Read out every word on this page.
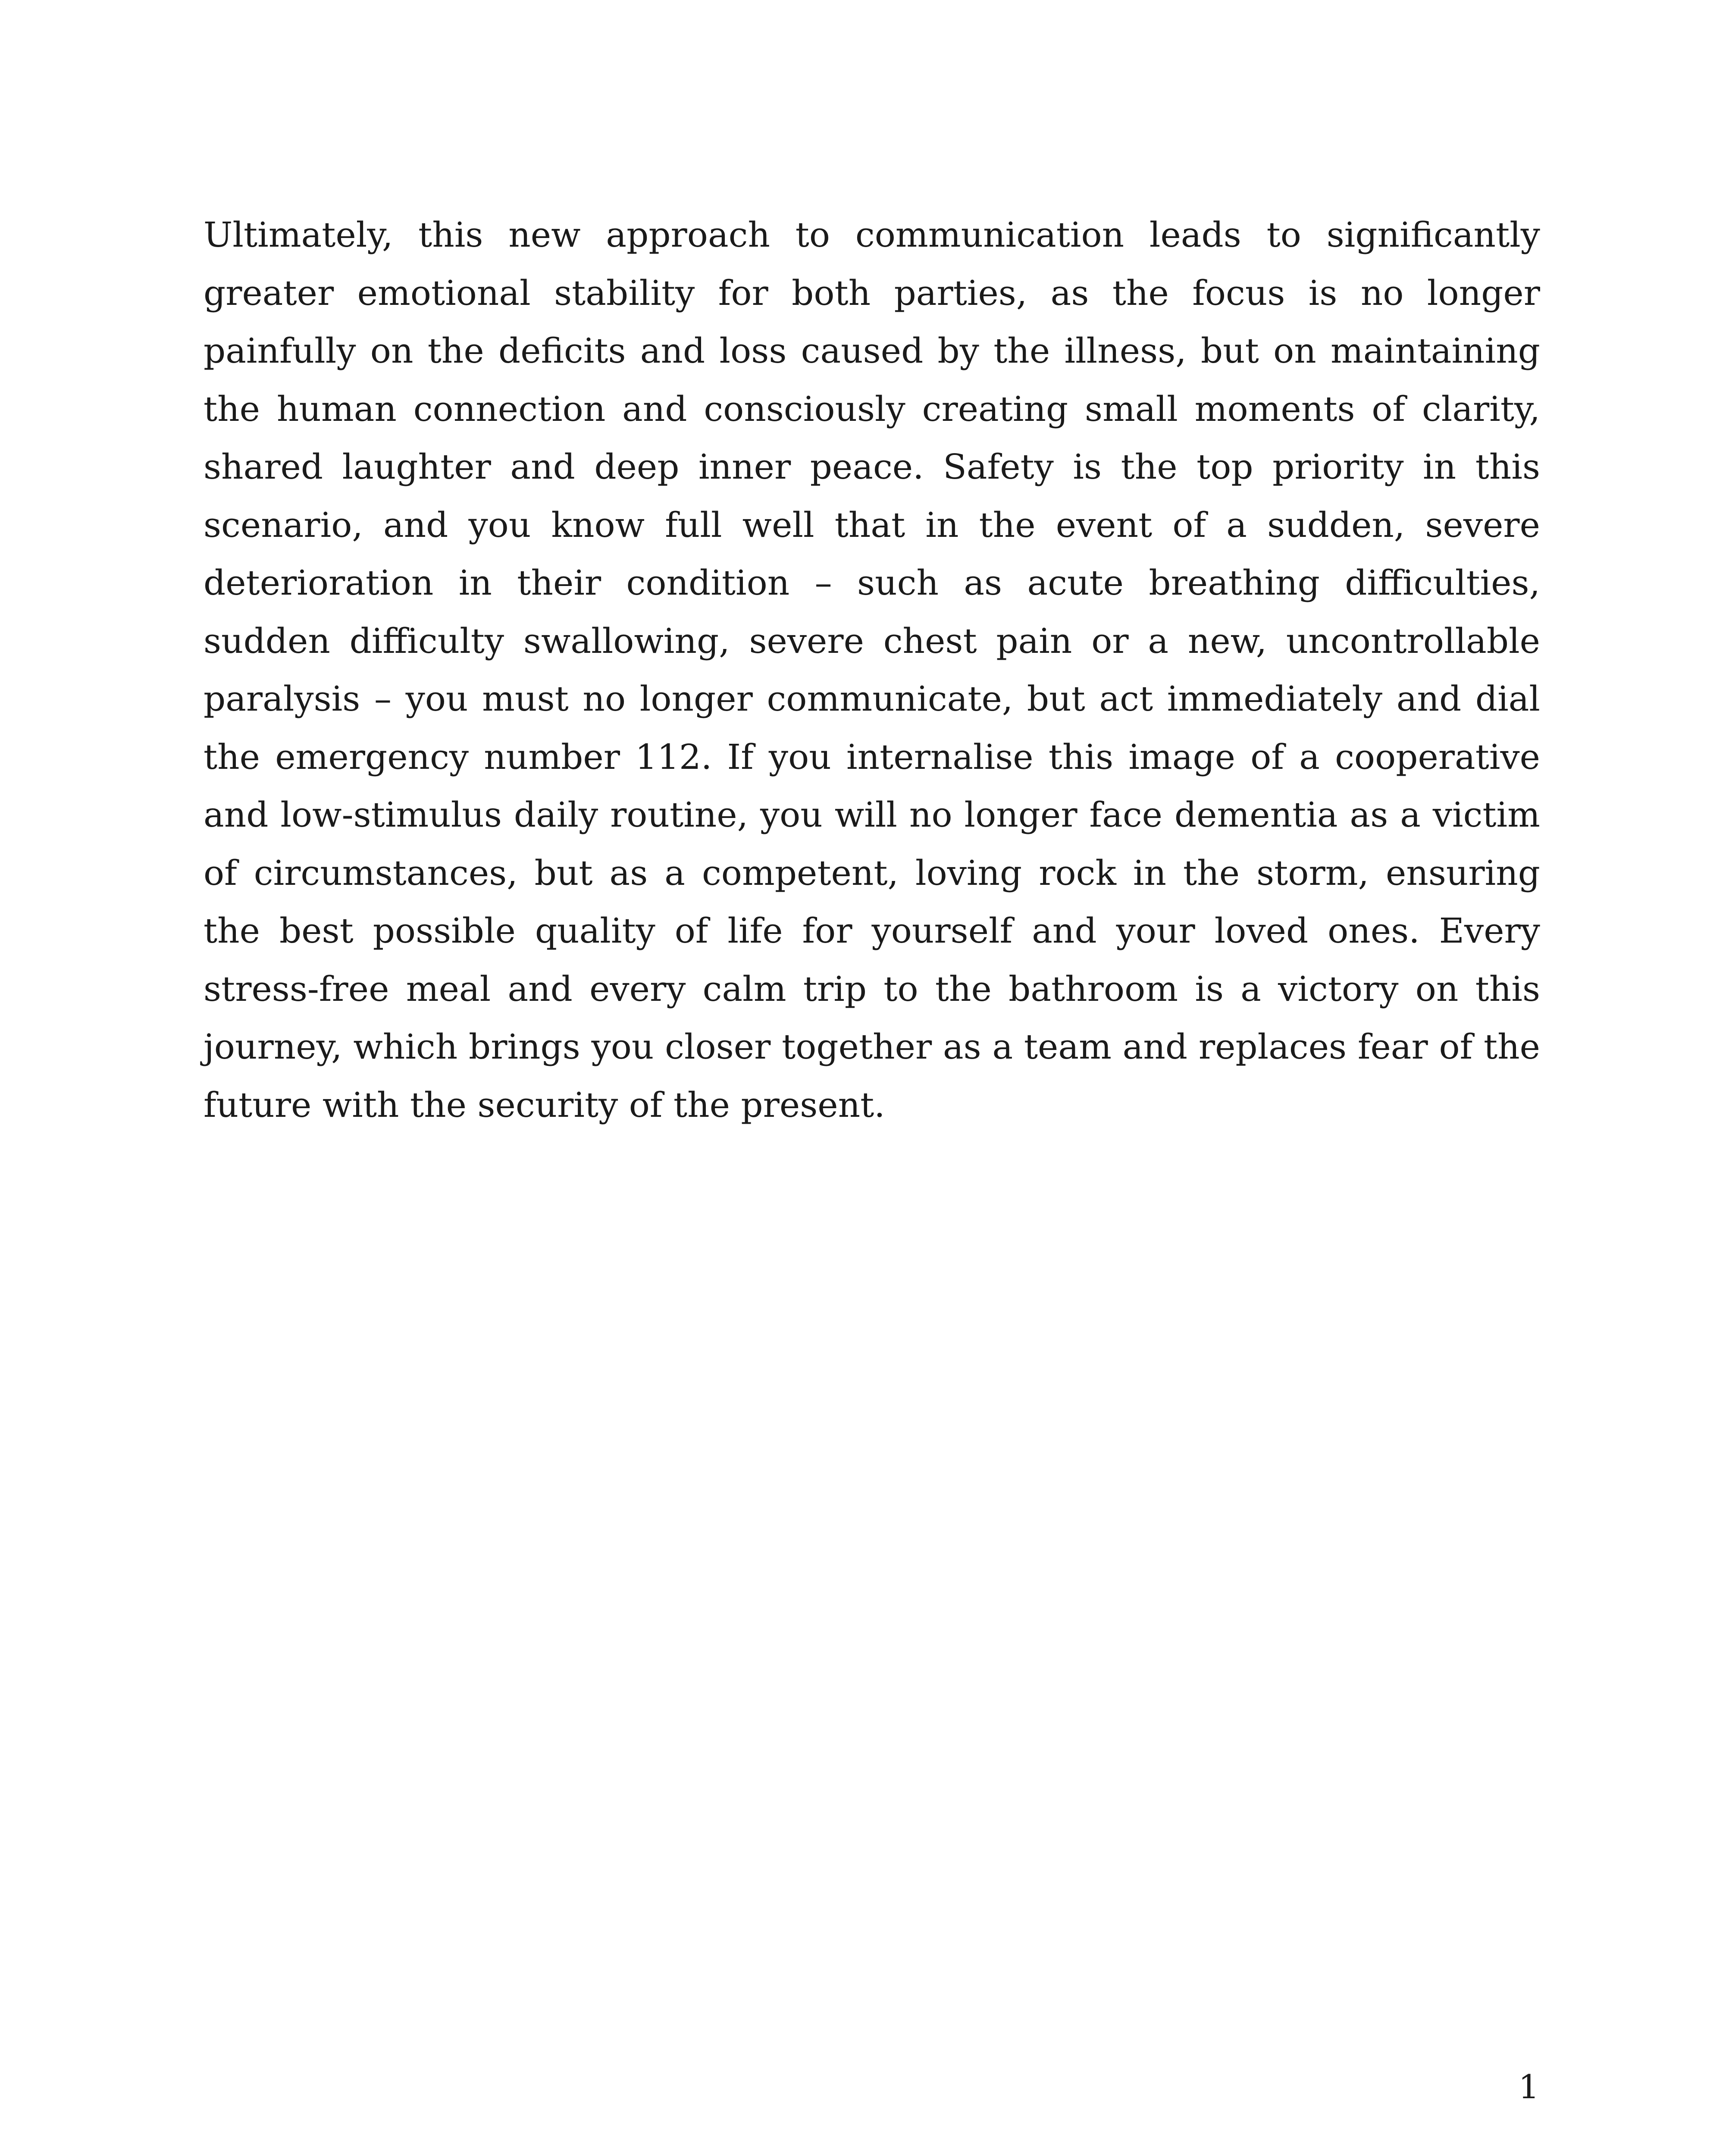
Ultimately, this new approach to communication leads to significantly greater emotional stability for both parties, as the focus is no longer painfully on the deficits and loss caused by the illness, but on maintaining the human connection and consciously creating small moments of clarity, shared laughter and deep inner peace. Safety is the top priority in this scenario, and you know full well that in the event of a sudden, severe deterioration in their condition – such as acute breathing difficulties, sudden difficulty swallowing, severe chest pain or a new, uncontrollable paralysis – you must no longer communicate, but act immediately and dial the emergency number 112. If you internalise this image of a cooperative and low-stimulus daily routine, you will no longer face dementia as a victim of circumstances, but as a competent, loving rock in the storm, ensuring the best possible quality of life for yourself and your loved ones. Every stress-free meal and every calm trip to the bathroom is a victory on this journey, which brings you closer together as a team and replaces fear of the future with the security of the present.

1
